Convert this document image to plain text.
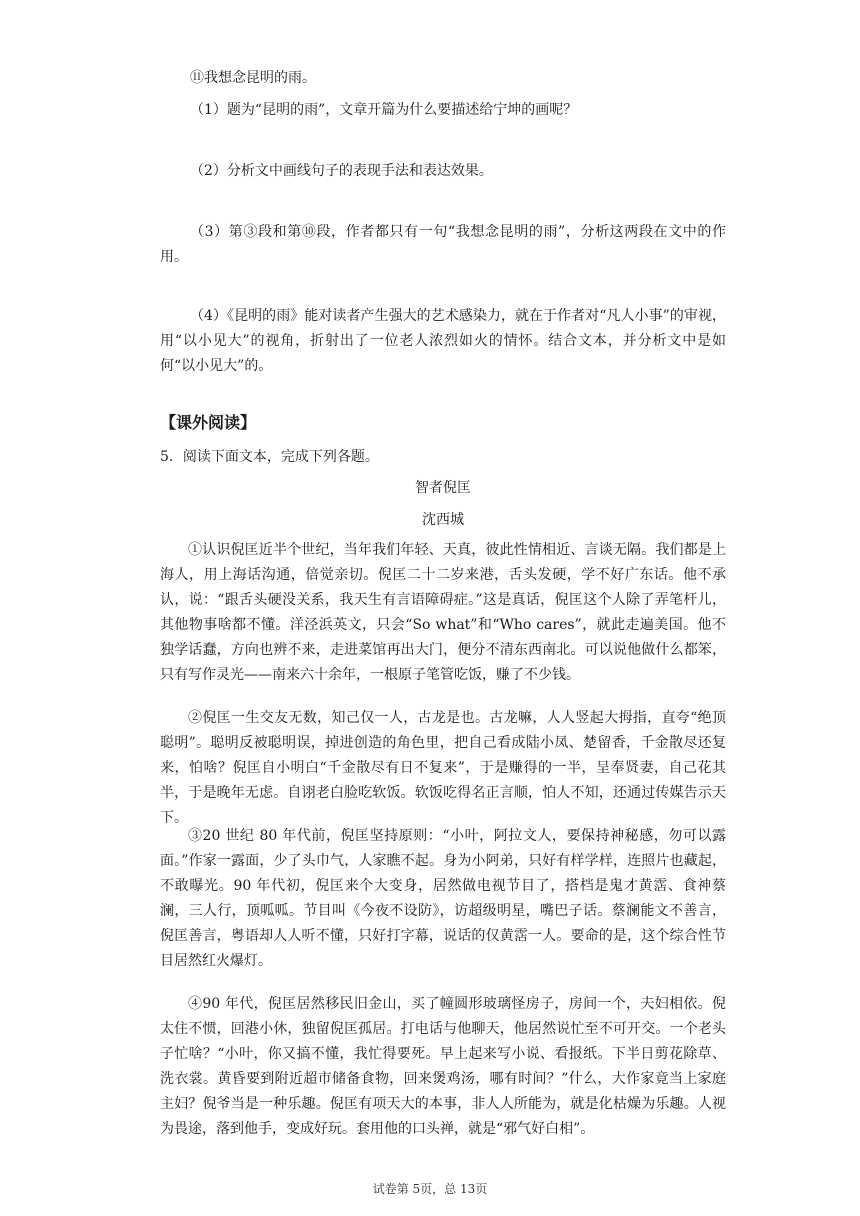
⑪我想念昆明的雨。
（1）题为“昆明的雨”，文章开篇为什么要描述给宁坤的画呢？
（2）分析文中画线句子的表现手法和表达效果。
（3）第③段和第⑩段，作者都只有一句“我想念昆明的雨”，分析这两段在文中的作用。
（4）《昆明的雨》能对读者产生强大的艺术感染力，就在于作者对“凡人小事”的审视，用“以小见大”的视角，折射出了一位老人浓烈如火的情怀。结合文本，并分析文中是如何“以小见大”的。
【课外阅读】
5．阅读下面文本，完成下列各题。
智者倪匡
沈西城
①认识倪匡近半个世纪，当年我们年轻、天真，彼此性情相近、言谈无隔。我们都是上海人，用上海话沟通，倍觉亲切。倪匡二十二岁来港，舌头发硬，学不好广东话。他不承认，说：“跟舌头硬没关系，我天生有言语障碍症。”这是真话，倪匡这个人除了弄笔杆儿，其他物事啥都不懂。洋泾浜英文，只会“So what”和“Who cares”，就此走遍美国。他不独学话蠢，方向也辨不来，走进菜馆再出大门，便分不清东西南北。可以说他做什么都笨，只有写作灵光——南来六十余年，一根原子笔管吃饭，赚了不少钱。
②倪匡一生交友无数，知己仅一人，古龙是也。古龙嘛，人人竖起大拇指，直夸“绝顶聪明”。聪明反被聪明误，掉进创造的角色里，把自己看成陆小凤、楚留香，千金散尽还复来，怕啥？倪匡自小明白“千金散尽有日不复来”，于是赚得的一半，呈奉贤妻，自己花其半，于是晚年无虑。自诩老白脸吃软饭。软饭吃得名正言顺，怕人不知，还通过传媒告示天下。
③20 世纪 80 年代前，倪匡坚持原则：“小叶，阿拉文人，要保持神秘感，勿可以露面。”作家一露面，少了头巾气，人家瞧不起。身为小阿弟，只好有样学样，连照片也藏起，不敢曝光。90 年代初，倪匡来个大变身，居然做电视节目了，搭档是鬼才黄霑、食神蔡澜，三人行，顶呱呱。节目叫《今夜不设防》，访超级明星，嘴巴子话。蔡澜能文不善言，倪匡善言，粤语却人人听不懂，只好打字幕，说话的仅黄霑一人。要命的是，这个综合性节目居然红火爆灯。
④90 年代，倪匡居然移民旧金山，买了幢圆形玻璃怪房子，房间一个，夫妇相依。倪太住不惯，回港小休，独留倪匡孤居。打电话与他聊天，他居然说忙至不可开交。一个老头子忙啥？“小叶，你又搞不懂，我忙得要死。早上起来写小说、看报纸。下半日剪花除草、洗衣裳。黄昏要到附近超市储备食物，回来煲鸡汤，哪有时间？”什么，大作家竟当上家庭主妇？倪爷当是一种乐趣。倪匡有项天大的本事，非人人所能为，就是化枯燥为乐趣。人视为畏途，落到他手，变成好玩。套用他的口头禅，就是“邪气好白相”。
试卷第 5页，总 13页
